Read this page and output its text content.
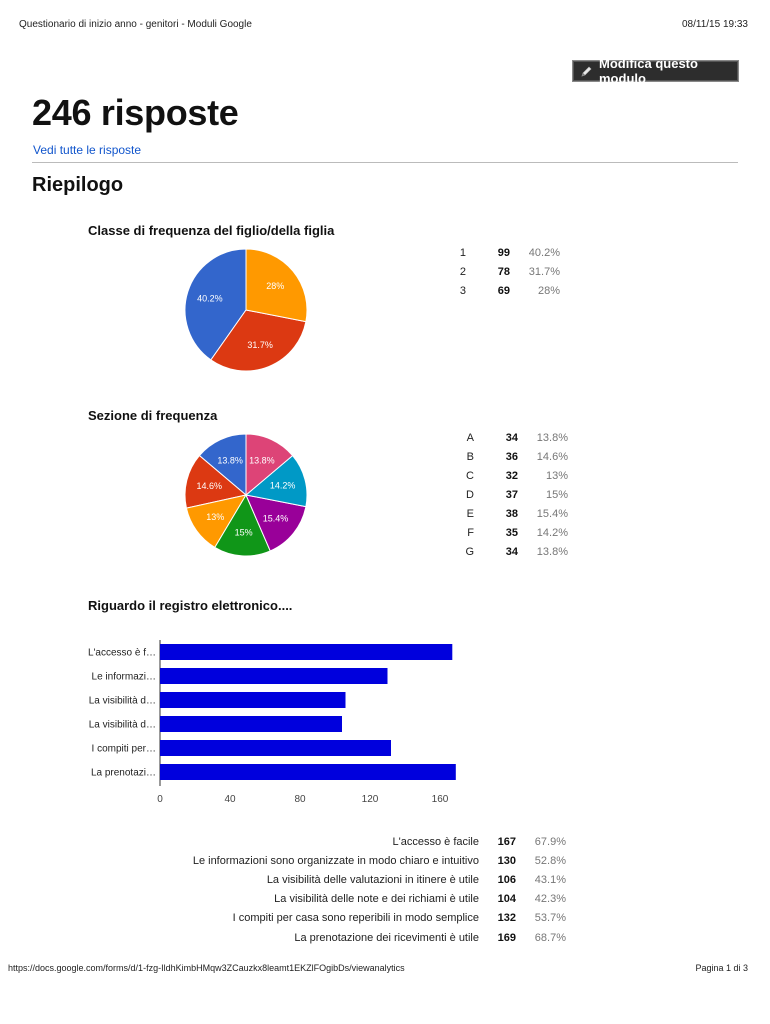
Questionario di inizio anno - genitori - Moduli Google	08/11/15 19:33
Modifica questo modulo
246 risposte
Vedi tutte le risposte
Riepilogo
Classe di frequenza del figlio/della figlia
40.2%
31.7%
28%
1	99	40.2%
2	78	31.7%
3	69	28%
Sezione di frequenza
13.8%
14.6%
13%
15%
15.4%
14.2%
13.8%
A	34	13.8%
B	36	14.6%
C	32	13%
D	37	15%
E	38	15.4%
F	35	14.2%
G	34	13.8%
Riguardo il registro elettronico....
L'accesso è f…
Le informazi…
La visibilità d…
La visibilità d…
I compiti per…
La prenotazi…
0	40	80	120	160
L'accesso è facile	167	67.9%
Le informazioni sono organizzate in modo chiaro e intuitivo	130	52.8%
La visibilità delle valutazioni in itinere è utile	106	43.1%
La visibilità delle note e dei richiami è utile	104	42.3%
I compiti per casa sono reperibili in modo semplice	132	53.7%
La prenotazione dei ricevimenti è utile	169	68.7%
https://docs.google.com/forms/d/1-fzg-IldhKimbHMqw3ZCauzkx8leamt1EKZlFOgibDs/viewanalytics	Pagina 1 di 3
